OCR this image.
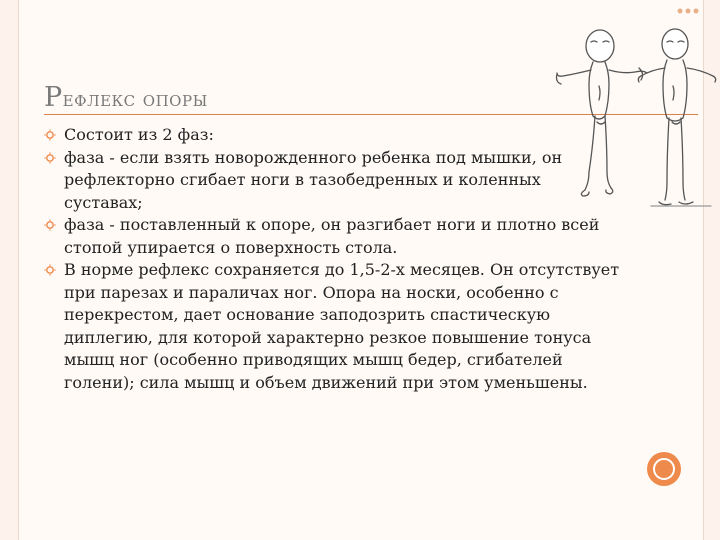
Рефлекс опоры
Состоит из 2 фаз:
фаза - если взять новорожденного ребенка под мышки, он рефлекторно сгибает ноги в тазобедренных и коленных суставах;
фаза - поставленный к опоре, он разгибает ноги и плотно всей стопой упирается о поверхность стола.
В норме рефлекс сохраняется до 1,5-2-х месяцев. Он отсутствует при парезах и параличах ног. Опора на носки, особенно с перекрестом, дает основание заподозрить спастическую диплегию, для которой характерно резкое повышение тонуса мышц ног (особенно приводящих мышц бедер, сгибателей голени); сила мышц и объем движений при этом уменьшены.
